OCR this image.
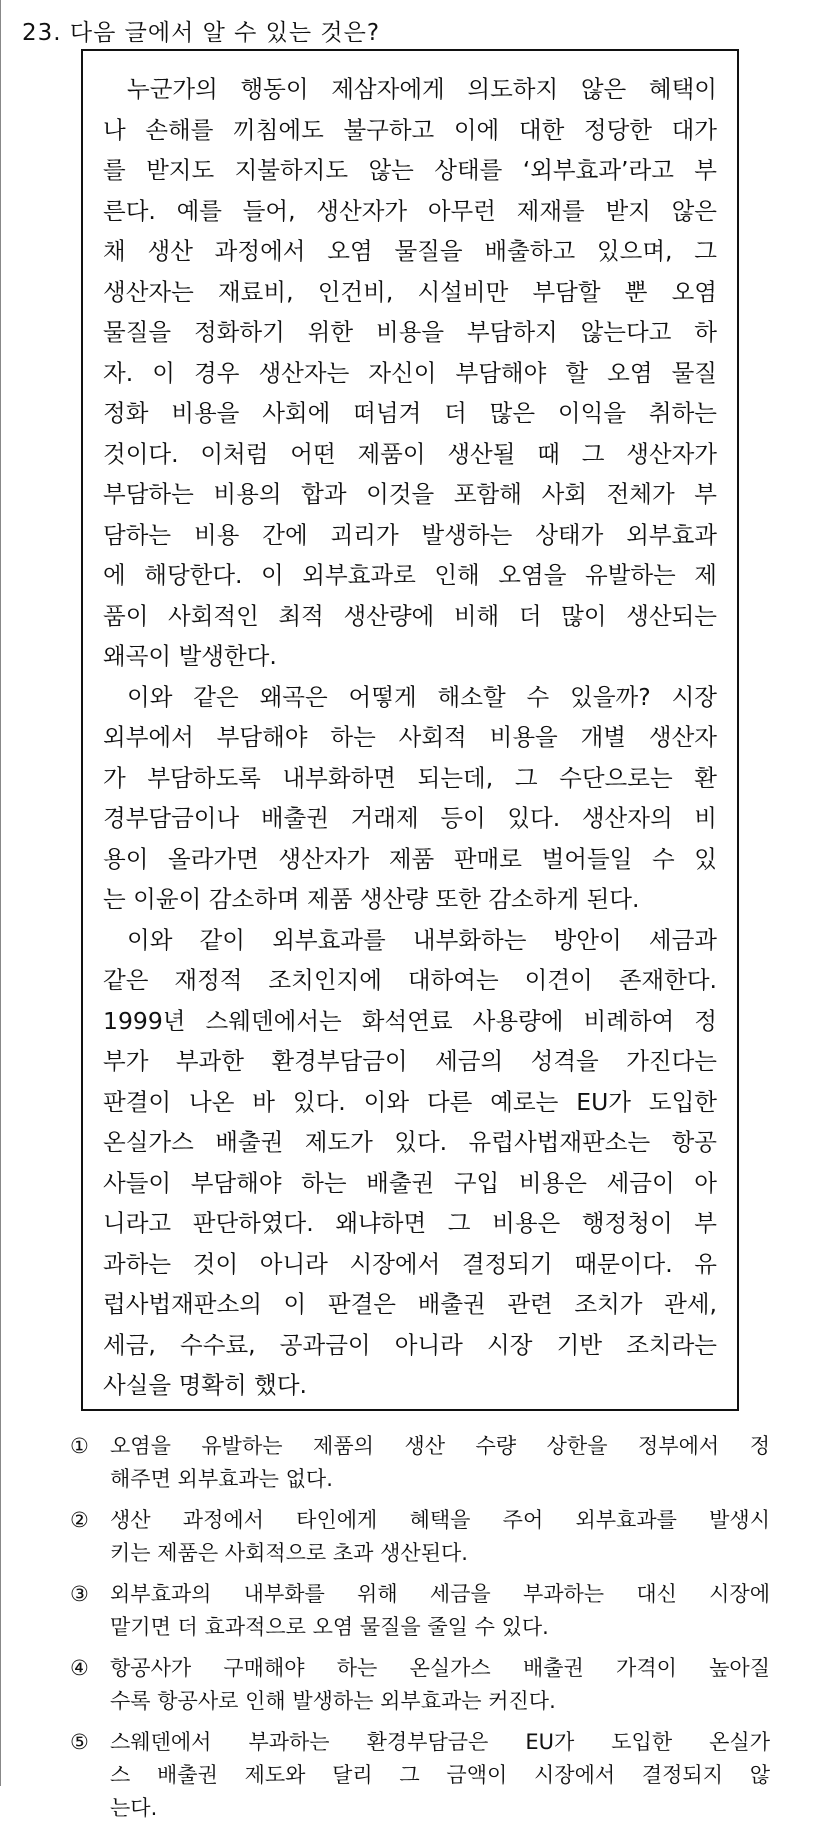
23. 다음 글에서 알 수 있는 것은?
누군가의 행동이 제삼자에게 의도하지 않은 혜택이
나 손해를 끼침에도 불구하고 이에 대한 정당한 대가
를 받지도 지불하지도 않는 상태를 ‘외부효과’라고 부
른다. 예를 들어, 생산자가 아무런 제재를 받지 않은
채 생산 과정에서 오염 물질을 배출하고 있으며, 그
생산자는 재료비, 인건비, 시설비만 부담할 뿐 오염
물질을 정화하기 위한 비용을 부담하지 않는다고 하
자. 이 경우 생산자는 자신이 부담해야 할 오염 물질
정화 비용을 사회에 떠넘겨 더 많은 이익을 취하는
것이다. 이처럼 어떤 제품이 생산될 때 그 생산자가
부담하는 비용의 합과 이것을 포함해 사회 전체가 부
담하는 비용 간에 괴리가 발생하는 상태가 외부효과
에 해당한다. 이 외부효과로 인해 오염을 유발하는 제
품이 사회적인 최적 생산량에 비해 더 많이 생산되는
왜곡이 발생한다.
이와 같은 왜곡은 어떻게 해소할 수 있을까? 시장
외부에서 부담해야 하는 사회적 비용을 개별 생산자
가 부담하도록 내부화하면 되는데, 그 수단으로는 환
경부담금이나 배출권 거래제 등이 있다. 생산자의 비
용이 올라가면 생산자가 제품 판매로 벌어들일 수 있
는 이윤이 감소하며 제품 생산량 또한 감소하게 된다.
이와 같이 외부효과를 내부화하는 방안이 세금과
같은 재정적 조치인지에 대하여는 이견이 존재한다.
1999년 스웨덴에서는 화석연료 사용량에 비례하여 정
부가 부과한 환경부담금이 세금의 성격을 가진다는
판결이 나온 바 있다. 이와 다른 예로는 EU가 도입한
온실가스 배출권 제도가 있다. 유럽사법재판소는 항공
사들이 부담해야 하는 배출권 구입 비용은 세금이 아
니라고 판단하였다. 왜냐하면 그 비용은 행정청이 부
과하는 것이 아니라 시장에서 결정되기 때문이다. 유
럽사법재판소의 이 판결은 배출권 관련 조치가 관세,
세금, 수수료, 공과금이 아니라 시장 기반 조치라는
사실을 명확히 했다.
① 오염을 유발하는 제품의 생산 수량 상한을 정부에서 정
해주면 외부효과는 없다.
② 생산 과정에서 타인에게 혜택을 주어 외부효과를 발생시
키는 제품은 사회적으로 초과 생산된다.
③ 외부효과의 내부화를 위해 세금을 부과하는 대신 시장에
맡기면 더 효과적으로 오염 물질을 줄일 수 있다.
④ 항공사가 구매해야 하는 온실가스 배출권 가격이 높아질
수록 항공사로 인해 발생하는 외부효과는 커진다.
⑤ 스웨덴에서 부과하는 환경부담금은 EU가 도입한 온실가
스 배출권 제도와 달리 그 금액이 시장에서 결정되지 않
는다.
